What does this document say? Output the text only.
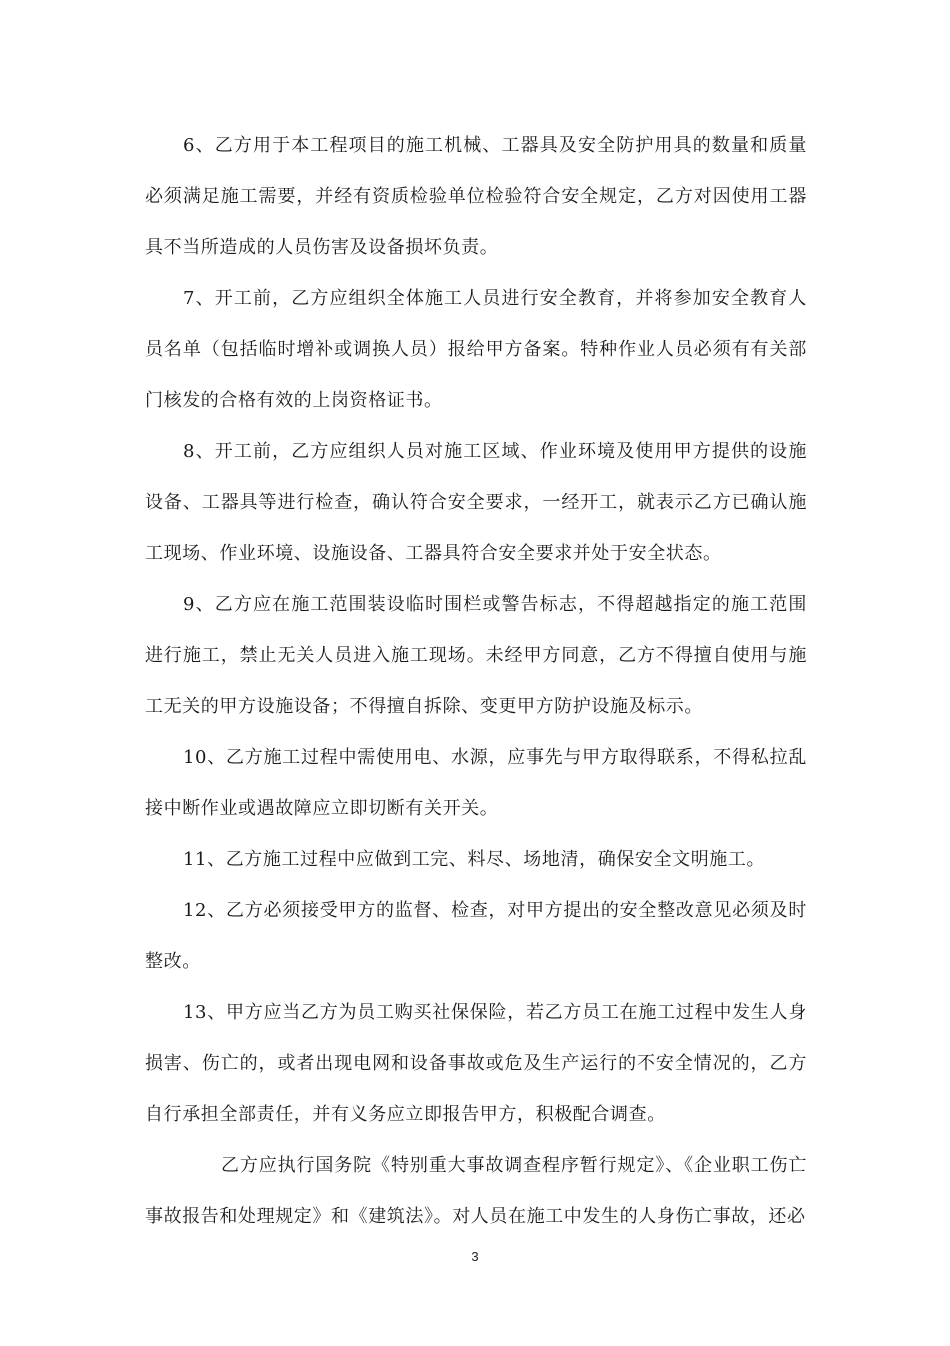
6、乙方用于本工程项目的施工机械、工器具及安全防护用具的数量和质量必须满足施工需要，并经有资质检验单位检验符合安全规定，乙方对因使用工器具不当所造成的人员伤害及设备损坏负责。

7、开工前，乙方应组织全体施工人员进行安全教育，并将参加安全教育人员名单（包括临时增补或调换人员）报给甲方备案。特种作业人员必须有有关部门核发的合格有效的上岗资格证书。

8、开工前，乙方应组织人员对施工区域、作业环境及使用甲方提供的设施设备、工器具等进行检查，确认符合安全要求，一经开工，就表示乙方已确认施工现场、作业环境、设施设备、工器具符合安全要求并处于安全状态。

9、乙方应在施工范围装设临时围栏或警告标志，不得超越指定的施工范围进行施工，禁止无关人员进入施工现场。未经甲方同意，乙方不得擅自使用与施工无关的甲方设施设备；不得擅自拆除、变更甲方防护设施及标示。

10、乙方施工过程中需使用电、水源，应事先与甲方取得联系，不得私拉乱接中断作业或遇故障应立即切断有关开关。

11、乙方施工过程中应做到工完、料尽、场地清，确保安全文明施工。

12、乙方必须接受甲方的监督、检查，对甲方提出的安全整改意见必须及时整改。

13、甲方应当乙方为员工购买社保保险，若乙方员工在施工过程中发生人身损害、伤亡的，或者出现电网和设备事故或危及生产运行的不安全情况的，乙方自行承担全部责任，并有义务应立即报告甲方，积极配合调查。

乙方应执行国务院《特别重大事故调查程序暂行规定》、《企业职工伤亡事故报告和处理规定》和《建筑法》。对人员在施工中发生的人身伤亡事故，还必

3
